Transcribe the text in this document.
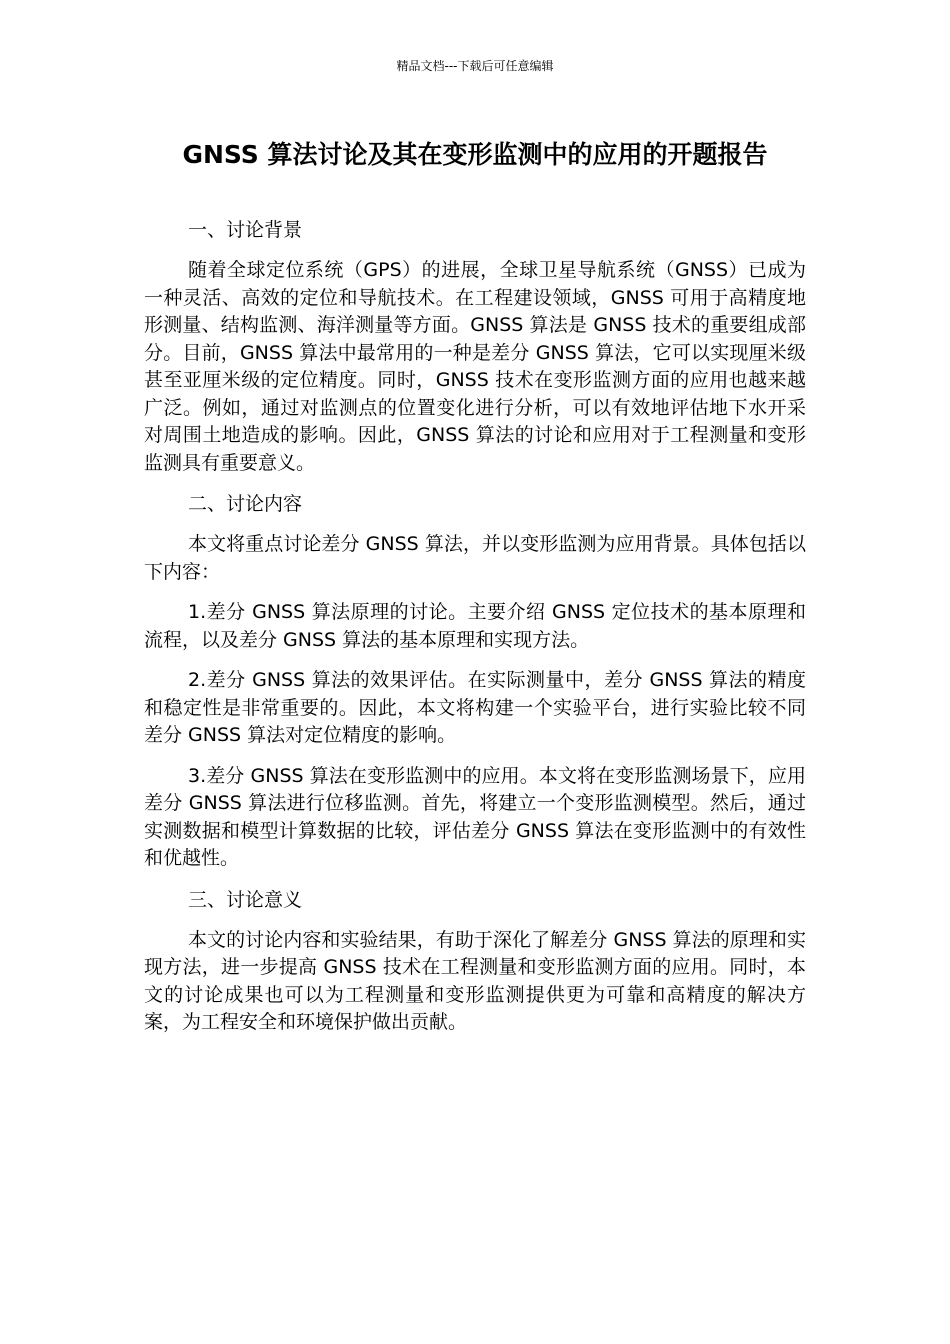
精品文档---下载后可任意编辑
GNSS 算法讨论及其在变形监测中的应用的开题报告
一、讨论背景

随着全球定位系统（GPS）的进展，全球卫星导航系统（GNSS）已成为一种灵活、高效的定位和导航技术。在工程建设领域，GNSS 可用于高精度地形测量、结构监测、海洋测量等方面。GNSS 算法是 GNSS 技术的重要组成部分。目前，GNSS 算法中最常用的一种是差分 GNSS 算法，它可以实现厘米级甚至亚厘米级的定位精度。同时，GNSS 技术在变形监测方面的应用也越来越广泛。例如，通过对监测点的位置变化进行分析，可以有效地评估地下水开采对周围土地造成的影响。因此，GNSS 算法的讨论和应用对于工程测量和变形监测具有重要意义。

二、讨论内容

本文将重点讨论差分 GNSS 算法，并以变形监测为应用背景。具体包括以下内容：

1.差分 GNSS 算法原理的讨论。主要介绍 GNSS 定位技术的基本原理和流程，以及差分 GNSS 算法的基本原理和实现方法。

2.差分 GNSS 算法的效果评估。在实际测量中，差分 GNSS 算法的精度和稳定性是非常重要的。因此，本文将构建一个实验平台，进行实验比较不同差分 GNSS 算法对定位精度的影响。

3.差分 GNSS 算法在变形监测中的应用。本文将在变形监测场景下，应用差分 GNSS 算法进行位移监测。首先，将建立一个变形监测模型。然后，通过实测数据和模型计算数据的比较，评估差分 GNSS 算法在变形监测中的有效性和优越性。

三、讨论意义

本文的讨论内容和实验结果，有助于深化了解差分 GNSS 算法的原理和实现方法，进一步提高 GNSS 技术在工程测量和变形监测方面的应用。同时，本文的讨论成果也可以为工程测量和变形监测提供更为可靠和高精度的解决方案，为工程安全和环境保护做出贡献。
